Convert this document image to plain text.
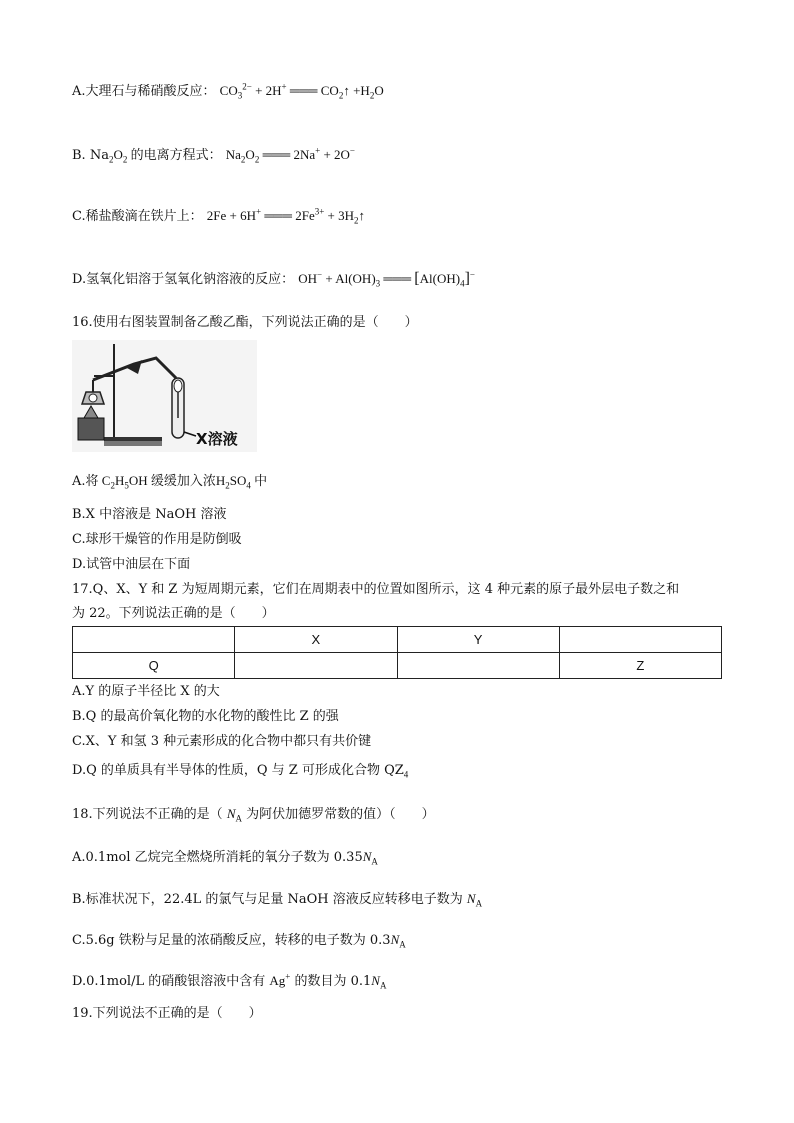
A.大理石与稀硝酸反应： $CO_3^{2-} + 2H^+$ ═══ $CO_2↑ +H_2O$
B. $Na_2O_2$ 的电离方程式： $Na_2O_2$ ═══ 2Na+ + 2O−
C.稀盐酸滴在铁片上： 2Fe + 6H+ ═══ $2Fe^{3+}$ + $3H_2↑$
D.氢氧化铝溶于氢氧化钠溶液的反应： $OH^- + Al(OH)_3$ ═══ $[Al(OH)_4]^-$
16.使用右图装置制备乙酸乙酯，下列说法正确的是（　　）
X溶液
A.将 $C_2H_5OH$ 缓缓加入浓$H_2SO_4$ 中
B.X 中溶液是 NaOH 溶液
C.球形干燥管的作用是防倒吸
D.试管中油层在下面
17.Q、X、Y 和 Z 为短周期元素，它们在周期表中的位置如图所示，这 4 种元素的原子最外层电子数之和
为 22。下列说法正确的是（　　）
	X	Y	
Q			Z
A.Y 的原子半径比 X 的大
B.Q 的最高价氧化物的水化物的酸性比 Z 的强
C.X、Y 和氢 3 种元素形成的化合物中都只有共价键
D.Q 的单质具有半导体的性质，Q 与 Z 可形成化合物 $QZ_4$
18.下列说法不正确的是（ $N_A$ 为阿伏加德罗常数的值）（　　）
A.0.1mol 乙烷完全燃烧所消耗的氧分子数为 $0.35N_A$
B.标准状况下，22.4L 的氯气与足量 NaOH 溶液反应转移电子数为 $N_A$
C.5.6g 铁粉与足量的浓硝酸反应，转移的电子数为 $0.3N_A$
D.0.1mol/L 的硝酸银溶液中含有 Ag+ 的数目为 $0.1N_A$
19.下列说法不正确的是（　　）
